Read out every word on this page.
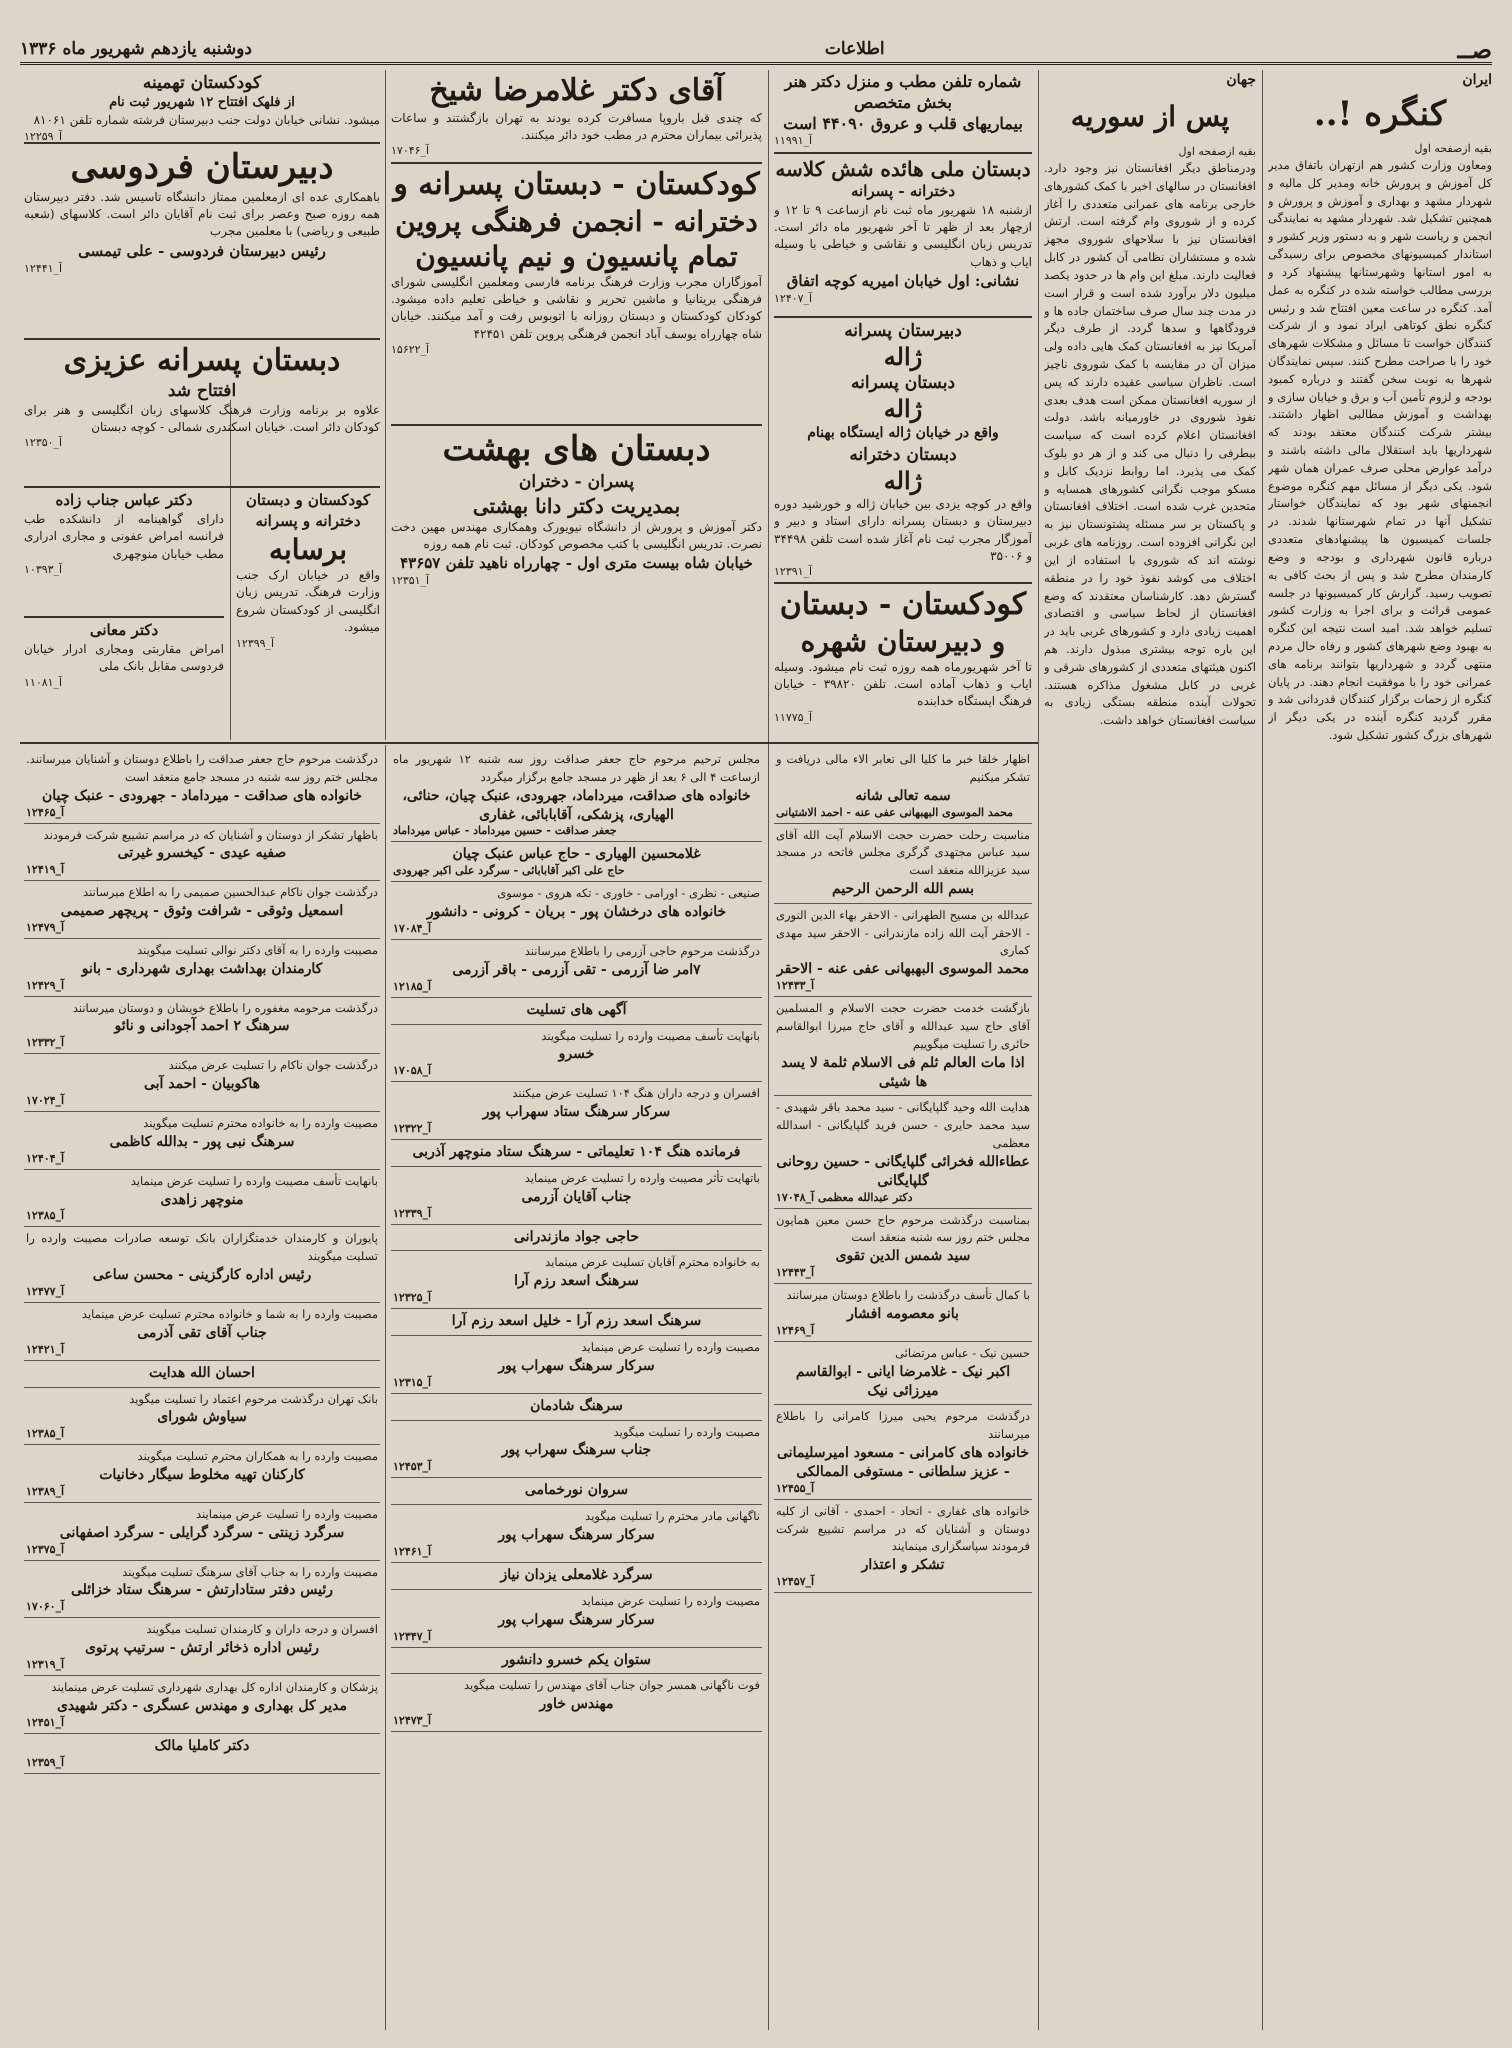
صــ
اطلاعات
دوشنبه یازدهم شهریور ماه ۱۳۳۶
ایران
کنگره !..
بقیه ازصفحه اول
ومعاون وزارت کشور هم ازتهران باتفاق مدیر کل آموزش و پرورش خانه ومدیر کل مالیه و شهردار مشهد و بهداری و آموزش و پرورش و همچنین تشکیل شد. شهردار مشهد به نمایندگی انجمن و ریاست شهر و به دستور وزیر کشور و استاندار کمیسیونهای مخصوص برای رسیدگی به امور استانها وشهرستانها پیشنهاد کرد و بررسی مطالب خواسته شده در کنگره به عمل آمد. کنگره در ساعت معین افتتاح شد و رئیس کنگره نطق کوتاهی ایراد نمود و از شرکت کنندگان خواست تا مسائل و مشکلات شهرهای خود را با صراحت مطرح کنند. سپس نمایندگان شهرها به نوبت سخن گفتند و درباره کمبود بودجه و لزوم تأمین آب و برق و خیابان سازی و بهداشت و آموزش مطالبی اظهار داشتند. بیشتر شرکت کنندگان معتقد بودند که شهرداریها باید استقلال مالی داشته باشند و درآمد عوارض محلی صرف عمران همان شهر شود. یکی دیگر از مسائل مهم کنگره موضوع انجمنهای شهر بود که نمایندگان خواستار تشکیل آنها در تمام شهرستانها شدند. در جلسات کمیسیون ها پیشنهادهای متعددی درباره قانون شهرداری و بودجه و وضع کارمندان مطرح شد و پس از بحث کافی به تصویب رسید. گزارش کار کمیسیونها در جلسه عمومی قرائت و برای اجرا به وزارت کشور تسلیم خواهد شد. امید است نتیجه این کنگره به بهبود وضع شهرهای کشور و رفاه حال مردم منتهی گردد و شهرداریها بتوانند برنامه های عمرانی خود را با موفقیت انجام دهند. در پایان کنگره از زحمات برگزار کنندگان قدردانی شد و مقرر گردید کنگره آینده در یکی دیگر از شهرهای بزرگ کشور تشکیل شود.
جهان
پس از سوریه
بقیه ازصفحه اول
ودرمناطق دیگر افغانستان نیز وجود دارد. افغانستان در سالهای اخیر با کمک کشورهای خارجی برنامه های عمرانی متعددی را آغاز کرده و از شوروی وام گرفته است. ارتش افغانستان نیز با سلاحهای شوروی مجهز شده و مستشاران نظامی آن کشور در کابل فعالیت دارند. مبلغ این وام ها در حدود یکصد میلیون دلار برآورد شده است و قرار است در مدت چند سال صرف ساختمان جاده ها و فرودگاهها و سدها گردد. از طرف دیگر آمریکا نیز به افغانستان کمک هایی داده ولی میزان آن در مقایسه با کمک شوروی ناچیز است. ناظران سیاسی عقیده دارند که پس از سوریه افغانستان ممکن است هدف بعدی نفوذ شوروی در خاورمیانه باشد. دولت افغانستان اعلام کرده است که سیاست بیطرفی را دنبال می کند و از هر دو بلوک کمک می پذیرد. اما روابط نزدیک کابل و مسکو موجب نگرانی کشورهای همسایه و متحدین غرب شده است. اختلاف افغانستان و پاکستان بر سر مسئله پشتونستان نیز به این نگرانی افزوده است. روزنامه های غربی نوشته اند که شوروی با استفاده از این اختلاف می کوشد نفوذ خود را در منطقه گسترش دهد. کارشناسان معتقدند که وضع افغانستان از لحاظ سیاسی و اقتصادی اهمیت زیادی دارد و کشورهای غربی باید در این باره توجه بیشتری مبذول دارند. هم اکنون هیئتهای متعددی از کشورهای شرقی و غربی در کابل مشغول مذاکره هستند. تحولات آینده منطقه بستگی زیادی به سیاست افغانستان خواهد داشت.
شماره تلفن مطب و منزل دکتر هنر بخش متخصص
بیماریهای قلب و عروق ۴۴۰۹۰ است
آ_۱۱۹۹۱
دبستان ملی هائده شش کلاسه
دخترانه - پسرانه
ازشنبه ۱۸ شهریور ماه ثبت نام ازساعت ۹ تا ۱۲ و ازچهار بعد از ظهر تا آخر شهریور ماه دائر است. تدریس زبان انگلیسی و نقاشی و خیاطی با وسیله ایاب و ذهاب
نشانی: اول خیابان امیریه کوچه اتفاق
آ_۱۲۴۰۷
دبیرستان پسرانه
ژاله
دبستان پسرانه
ژاله
واقع در خیابان ژاله ایستگاه بهنام
دبستان دخترانه
ژاله
واقع در کوچه یزدی بین خیابان ژاله و خورشید دوره دبیرستان و دبستان پسرانه دارای استاد و دبیر و آموزگار مجرب ثبت نام آغاز شده است تلفن ۳۴۴۹۸ و ۳۵۰۰۶
آ_۱۲۳۹۱
کودکستان - دبستان
و دبیرستان شهره
تا آخر شهریورماه همه روزه ثبت نام میشود. وسیله ایاب و ذهاب آماده است. تلفن ۳۹۸۲۰ - خیابان فرهنگ ایستگاه خدابنده
آ_۱۱۷۷۵
آقای دکتر غلامرضا شیخ
که چندی قبل باروپا مسافرت کرده بودند به تهران بازگشتند و ساعات پذیرائی بیماران محترم در مطب خود دائر میکنند.
آ_۱۷۰۴۶
کودکستان - دبستان پسرانه و
دخترانه - انجمن فرهنگی پروین
تمام پانسیون و نیم پانسیون
آموزگاران مجرب وزارت فرهنگ برنامه فارسی ومعلمین انگلیسی شورای فرهنگی بریتانیا و ماشین تحریر و نقاشی و خیاطی تعلیم داده میشود. کودکان کودکستان و دبستان روزانه با اتوبوس رفت و آمد میکنند. خیابان شاه چهارراه یوسف آباد انجمن فرهنگی پروین تلفن ۴۲۴۵۱
آ_۱۵۶۲۲
دبستان های بهشت
پسران - دختران
بمدیریت دکتر دانا بهشتی
دکتر آموزش و پرورش از دانشگاه نیویورک وهمکاری مهندس مهین دخت نصرت. تدریس انگلیسی با کتب مخصوص کودکان. ثبت نام همه روزه
خیابان شاه بیست متری اول - چهارراه ناهید تلفن ۴۳۶۵۷
آ_۱۲۳۵۱
کودکستان تهمینه
از فلهک افتتاح ۱۲ شهریور ثبت نام
میشود. نشانی خیابان دولت جنب دبیرستان فرشته شماره تلفن ۸۱۰۶۱
آ_۱۲۲۵۹
دبیرستان فردوسی
باهمکاری عده ای ازمعلمین ممتاز دانشگاه تاسیس شد. دفتر دبیرستان همه روزه صبح وعصر برای ثبت نام آقایان دائر است. کلاسهای (شعبه طبیعی و ریاضی) با معلمین مجرب
رئیس دبیرستان فردوسی - علی تیمسی
آ_۱۲۴۴۱
دبستان پسرانه عزیزی
افتتاح شد
علاوه بر برنامه وزارت فرهنگ کلاسهای زبان انگلیسی و هنر برای کودکان دائر است. خیابان اسکندری شمالی - کوچه دبستان
آ_۱۲۳۵۰
کودکستان و دبستان
دخترانه و پسرانه
برسابه
واقع در خیابان ارک جنب وزارت فرهنگ. تدریس زبان انگلیسی از کودکستان شروع میشود.
آ_۱۲۳۹۹
دکتر عباس جناب زاده
دارای گواهینامه از دانشکده طب فرانسه امراض عفونی و مجاری ادراری مطب خیابان منوچهری
آ_۱۰۳۹۳
دکتر معانی
امراض مقاربتی ومجاری ادرار خیابان فردوسی مقابل بانک ملی
آ_۱۱۰۸۱
اظهار خلقا خبر ما کلیا الی تعابر الاء مالی دریافت و تشکر میکنیم
سمه تعالی شانه
محمد الموسوی البهبهانی عفی عنه - احمد الاشتیانی
مناسبت رحلت حضرت حجت الاسلام آیت الله آقای سید عباس مجتهدی گرگری مجلس فاتحه در مسجد سید عزیزالله منعقد است
بسم الله الرحمن الرحیم
عبدالله بن مسیح الطهرانی - الاحقر بهاء الدین النوری - الاحقر آیت الله زاده مازندرانی - الاحقر سید مهدی کماری
محمد الموسوی البهبهانی عفی عنه - الاحقر
آ_۱۲۴۳۳
بازگشت خدمت حضرت حجت الاسلام و المسلمین آقای حاج سید عبدالله و آقای حاج میرزا ابوالقاسم حائری را تسلیت میگوییم
اذا مات العالم ثلم فی الاسلام ثلمة لا یسد ها شیئی
هدایت الله وحید گلپایگانی - سید محمد باقر شهیدی - سید محمد حایری - حسن فرید گلپایگانی - اسدالله معظمی
عطاءالله فخرائی گلپایگانی - حسین روحانی گلپایگانی
دکتر عبدالله معظمی آ_۱۷۰۴۸
بمناسبت درگذشت مرحوم حاج حسن معین همایون مجلس ختم روز سه شنبه منعقد است
سید شمس الدین تقوی
آ_۱۲۴۴۳
با کمال تأسف درگذشت را باطلاع دوستان میرسانند
بانو معصومه افشار
آ_۱۲۴۶۹
حسین نیک - عباس مرتضائی
اکبر نیک - غلامرضا ایانی - ابوالقاسم میرزائی نیک
درگذشت مرحوم یحیی میرزا کامرانی را باطلاع میرسانند
خانواده های کامرانی - مسعود امیرسلیمانی - عزیز سلطانی - مستوفی الممالکی
آ_۱۲۴۵۵
خانواده های غفاری - اتحاد - احمدی - آقانی از کلیه دوستان و آشنایان که در مراسم تشییع شرکت فرمودند سپاسگزاری مینمایند
تشکر و اعتذار
آ_۱۲۴۵۷
مجلس ترحیم مرحوم حاج جعفر صداقت روز سه شنبه ۱۲ شهریور ماه ازساعت ۴ الی ۶ بعد از ظهر در مسجد جامع برگزار میگردد
خانواده های صداقت، میرداماد، جهرودی، عنبک چیان، حنائی، الهیاری، پزشکی، آقابابائی، غفاری
جعفر صداقت - حسین میرداماد - عباس میرداماد
غلامحسین الهیاری - حاج عباس عنبک چیان
حاج علی اکبر آقابابائی - سرگرد علی اکبر جهرودی
صنیعی - نظری - اورامی - خاوری - تکه هروی - موسوی
خانواده های درخشان پور - بریان - کرونی - دانشور
آ_۱۷۰۸۴
درگذشت مرحوم حاجی آزرمی را باطلاع میرسانند
۷امر ضا آزرمی - تقی آزرمی - باقر آزرمی
آ_۱۲۱۸۵
آگهی های تسلیت
بانهایت تأسف مصیبت وارده را تسلیت میگویند
خسرو
آ_۱۷۰۵۸
افسران و درجه داران هنگ ۱۰۴ تسلیت عرض میکنند
سرکار سرهنگ ستاد سهراب پور
آ_۱۲۳۲۲
فرمانده هنگ ۱۰۴ تعلیماتی - سرهنگ ستاد منوچهر آذربی
باتهایت تأثر مصیبت وارده را تسلیت عرض مینماید
جناب آقایان آزرمی
آ_۱۲۳۳۹
حاجی جواد مازندرانی
به خانواده محترم آقایان تسلیت عرض مینماید
سرهنگ اسعد رزم آرا
آ_۱۲۳۲۵
سرهنگ اسعد رزم آرا - خلیل اسعد رزم آرا
مصیبت وارده را تسلیت عرض مینماید
سرکار سرهنگ سهراب پور
آ_۱۲۳۱۵
سرهنگ شادمان
مصیبت وارده را تسلیت میگوید
جناب سرهنگ سهراب پور
آ_۱۲۴۵۳
سروان نورخمامی
ناگهانی مادر محترم را تسلیت میگوید
سرکار سرهنگ سهراب پور
آ_۱۲۴۶۱
سرگرد غلامعلی یزدان نیاز
مصیبت وارده را تسلیت عرض مینماید
سرکار سرهنگ سهراب پور
آ_۱۲۳۴۷
ستوان یکم خسرو دانشور
فوت ناگهانی همسر جوان جناب آقای مهندس را تسلیت میگوید
مهندس خاور
آ_۱۲۴۷۳
درگذشت مرحوم حاج جعفر صداقت را باطلاع دوستان و آشنایان میرسانند. مجلس ختم روز سه شنبه در مسجد جامع منعقد است
خانواده های صداقت - میرداماد - جهرودی - عنبک چیان
آ_۱۲۴۶۵
باظهار تشکر از دوستان و آشنایان که در مراسم تشییع شرکت فرمودند
صفیه عیدی - کیخسرو غیرتی
آ_۱۲۴۱۹
درگذشت جوان ناکام عبدالحسین صمیمی را به اطلاع میرسانند
اسمعیل وثوقی - شرافت وثوق - پریچهر صمیمی
آ_۱۲۴۷۹
مصیبت وارده را به آقای دکتر نوالی تسلیت میگویند
کارمندان بهداشت بهداری شهرداری - بانو
آ_۱۲۴۲۹
درگذشت مرحومه مغفوره را باطلاع خویشان و دوستان میرسانند
سرهنگ ۲ احمد آجودانی و نائو
آ_۱۲۳۳۲
درگذشت جوان ناکام را تسلیت عرض میکنند
هاکوبیان - احمد آبی
آ_۱۷۰۲۴
مصیبت وارده را به خانواده محترم تسلیت میگویند
سرهنگ نبی پور - بدالله کاظمی
آ_۱۲۴۰۴
بانهایت تأسف مصیبت وارده را تسلیت عرض مینماید
منوچهر زاهدی
آ_۱۲۳۸۵
پایوران و کارمندان خدمتگزاران بانک توسعه صادرات مصیبت وارده را تسلیت میگویند
رئیس اداره کارگزینی - محسن ساعی
آ_۱۲۴۷۷
مصیبت وارده را به شما و خانواده محترم تسلیت عرض مینماید
جناب آقای تقی آذرمی
آ_۱۲۴۲۱
احسان الله هدایت
بانک تهران درگذشت مرحوم اعتماد را تسلیت میگوید
سیاوش شورای
آ_۱۲۳۸۵
مصیبت وارده را به همکاران محترم تسلیت میگویند
کارکنان تهیه مخلوط سیگار دخانیات
آ_۱۲۳۸۹
مصیبت وارده را تسلیت عرض مینمایند
سرگرد زینتی - سرگرد گرایلی - سرگرد اصفهانی
آ_۱۲۳۷۵
مصیبت وارده را به جناب آقای سرهنگ تسلیت میگویند
رئیس دفتر ستادارتش - سرهنگ ستاد خزائلی
آ_۱۷۰۶۰
افسران و درجه داران و کارمندان تسلیت میگویند
رئیس اداره ذخائر ارتش - سرتیپ پرتوی
آ_۱۲۳۱۹
پزشکان و کارمندان اداره کل بهداری شهرداری تسلیت عرض مینمایند
مدیر کل بهداری و مهندس عسگری - دکتر شهیدی
آ_۱۲۴۵۱
دکتر کاملیا مالک
آ_۱۲۳۵۹
